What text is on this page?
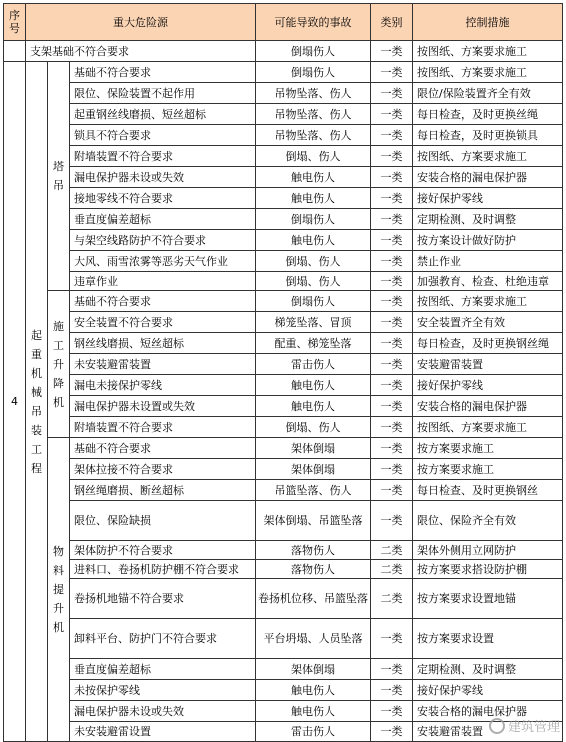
序号	重大危险源			可能导致的事故	类别	控制措施
	支架基础不符合要求			倒塌伤人	一类	按图纸、方案要求施工
4	起重机械吊装工程	塔吊	基础不符合要求	倒塌伤人	一类	按图纸、方案要求施工
			限位、保险装置不起作用	吊物坠落、伤人	一类	限位/保险装置齐全有效
			起重钢丝线磨损、短丝超标	吊物坠落、伤人	一类	每日检查，及时更换丝绳
			锁具不符合要求	吊物坠落、伤人	一类	每日检查，及时更换锁具
			附墙装置不符合要求	倒塌、伤人	一类	按图纸、方案要求施工
			漏电保护器未设或失效	触电伤人	一类	安装合格的漏电保护器
			接地零线不符合要求	触电伤人	一类	接好保护零线
			垂直度偏差超标	倒塌伤人	一类	定期检测、及时调整
			与架空线路防护不符合要求	触电伤人	一类	按方案设计做好防护
			大风、雨雪浓雾等恶劣天气作业	倒塌、伤人	一类	禁止作业
			违章作业	倒塌、伤人	一类	加强教育、检查、杜绝违章

		施工升降机	基础不符合要求	倒塌伤人	一类	按图纸、方案要求施工
			安全装置不符合要求	梯笼坠落、冒顶	一类	安全装置齐全有效
			钢丝线磨损、短丝超标	配重、梯笼坠落	一类	每日检查，及时更换钢丝绳
			未安装避雷装置	雷击伤人	一类	安装避雷装置
			漏电未接保护零线	触电伤人	一类	接好保护零线
			漏电保护器未设置或失效	触电伤人	一类	安装合格的漏电保护器
			附墙装置不符合要求	倒塌、伤人	一类	按图纸、方案要求施工

		物料提升机	基础不符合要求	架体倒塌	一类	按方案要求施工
			架体拉接不符合要求	架体倒塌	一类	按方案要求施工
			钢丝绳磨损、断丝超标	吊篮坠落、伤人	一类	每日检查、及时更换钢丝
			限位、保险缺损	架体倒塌、吊篮坠落	一类	限位、保险齐全有效
			架体防护不符合要求	落物伤人	二类	架体外侧用立网防护
			进料口、卷扬机防护棚不符合要求	落物伤人	二类	按方案要求搭设防护棚
			卷扬机地锚不符合要求	卷扬机位移、吊篮坠落	二类	按方案要求设置地锚
			卸料平台、防护门不符合要求	平台坍塌、人员坠落	一类	按方案要求设置
			垂直度偏差超标	架体倒塌	一类	定期检测、及时调整
			未按保护零线	触电伤人	一类	接好保护零线
			漏电保护器未设或失效	触电伤人	一类	安装合格的漏电保护器
			未安装避雷设置	雷击伤人	一类	安装避雷装置 建筑管理
